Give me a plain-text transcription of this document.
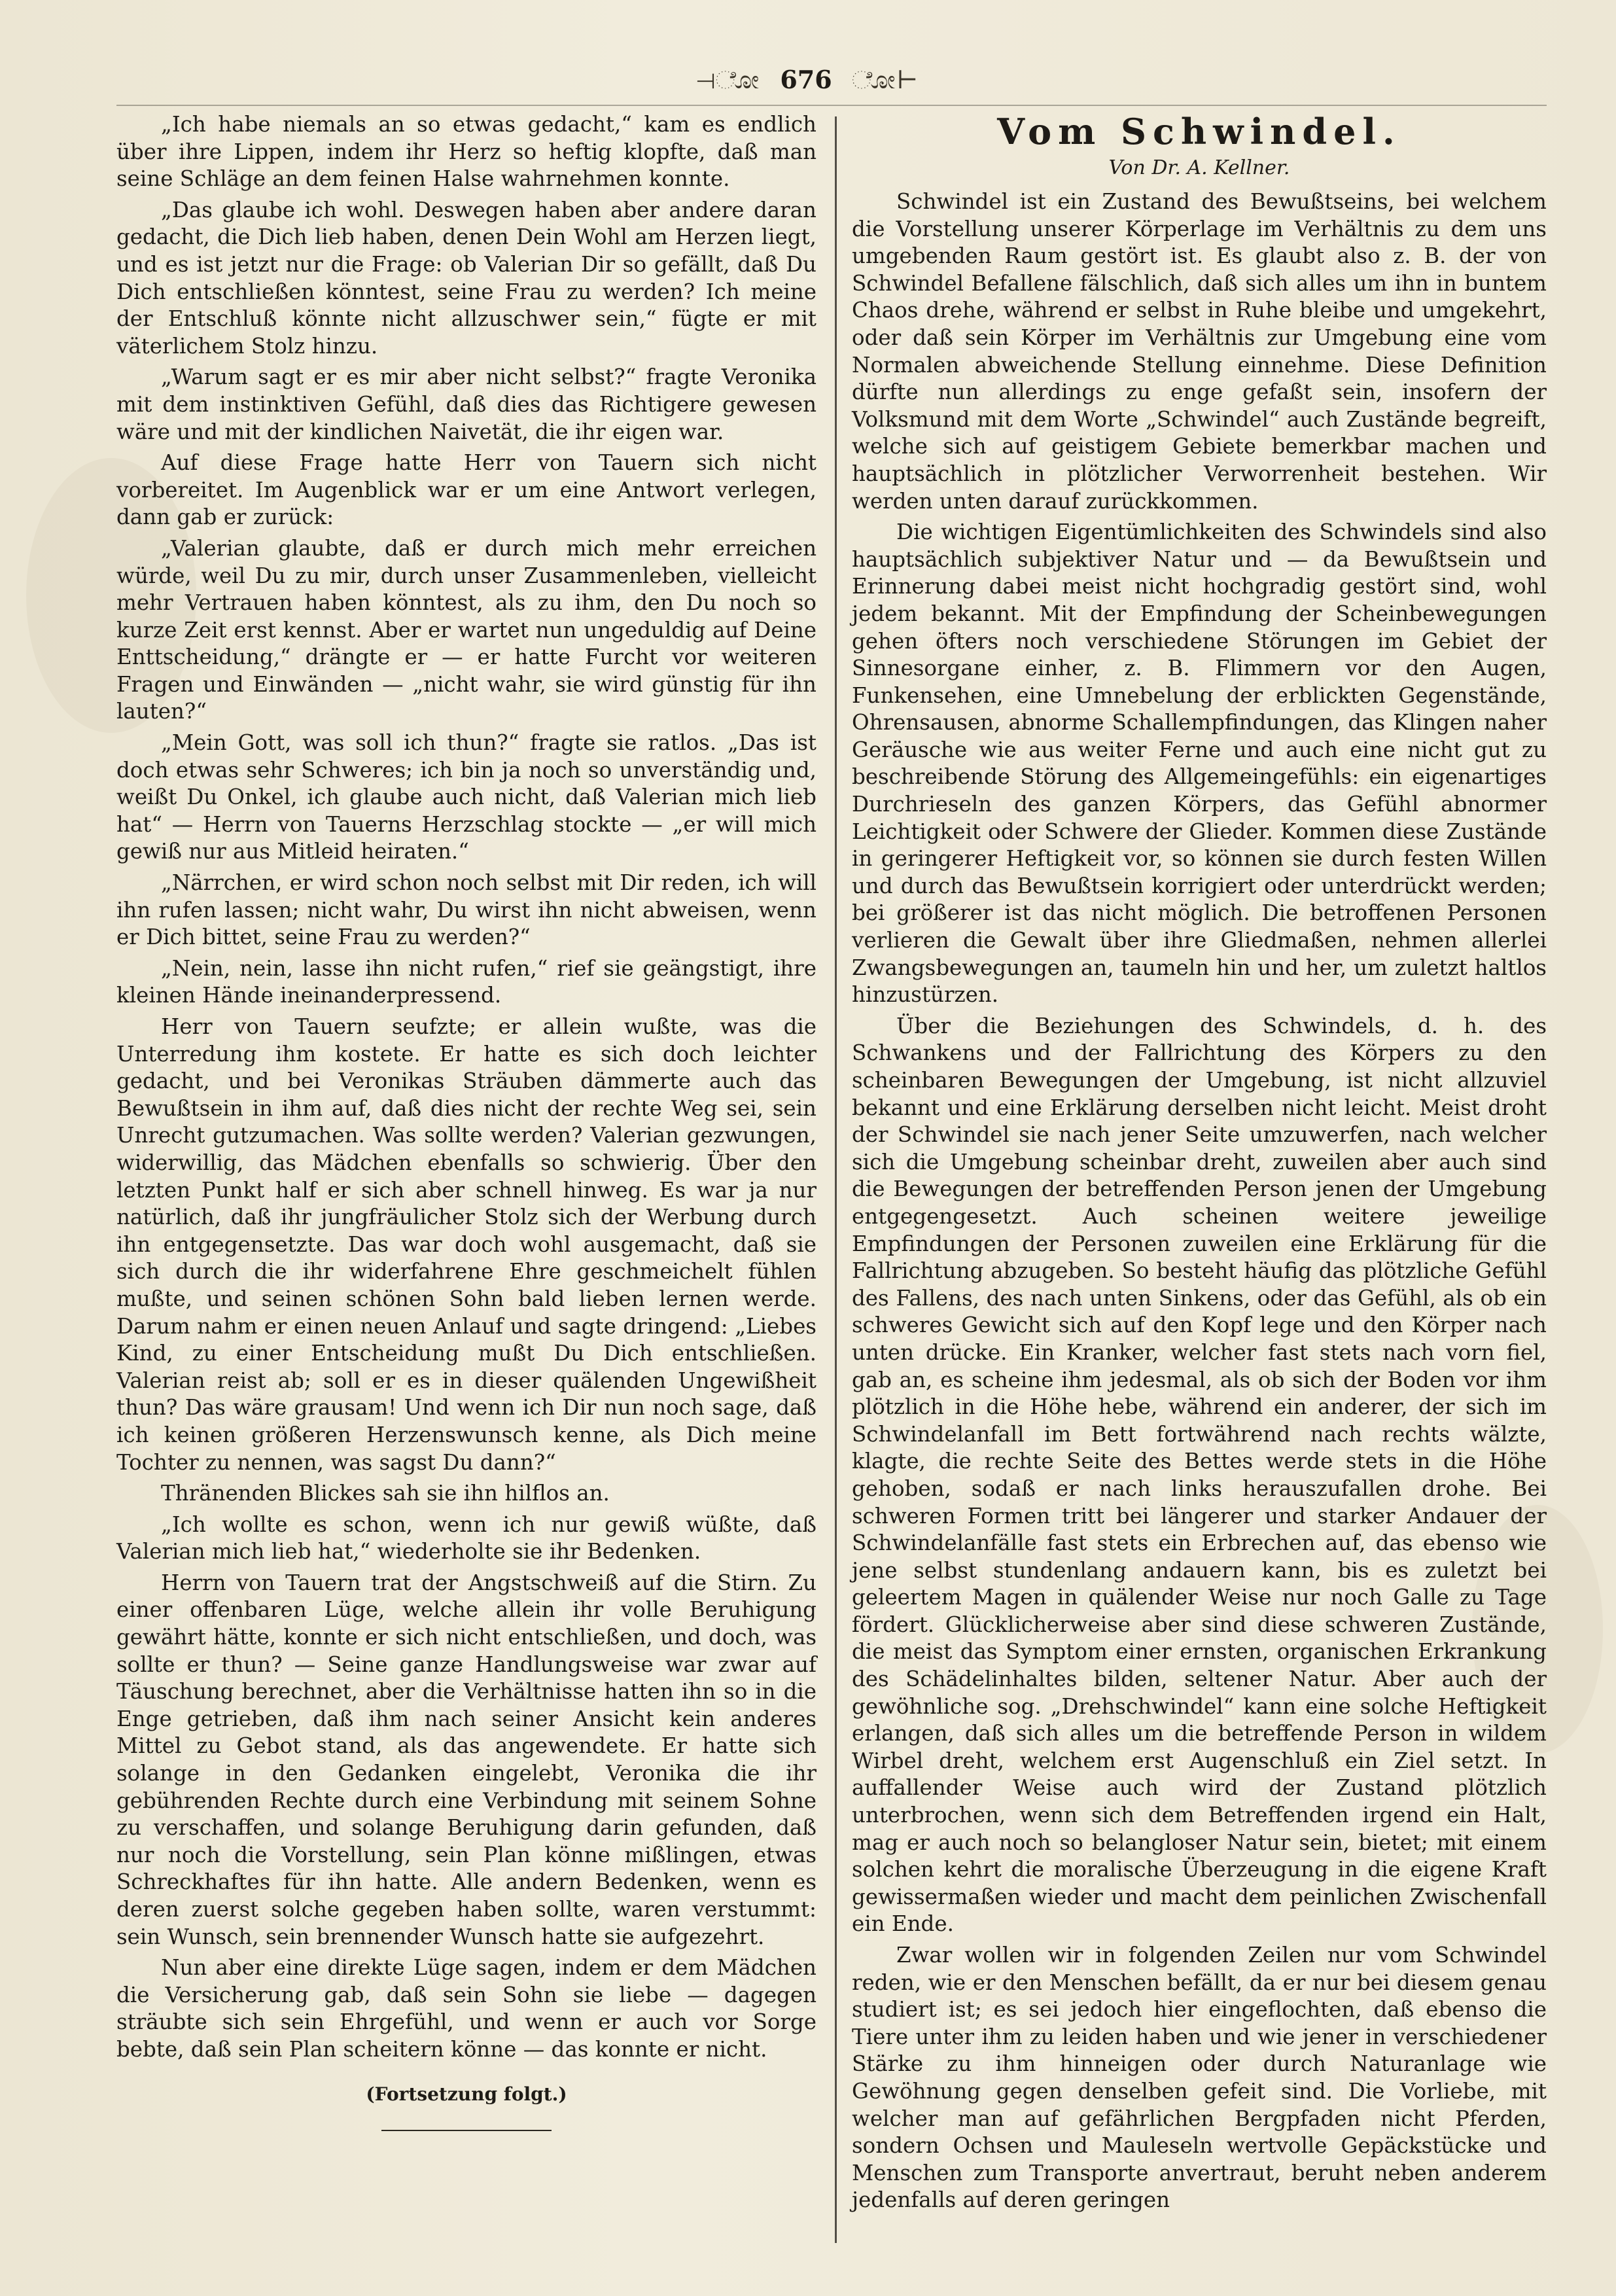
⊣ೋ 676 ೋ⊢

„Ich habe niemals an so etwas gedacht,“ kam es endlich über ihre Lippen, indem ihr Herz so heftig klopfte, daß man seine Schläge an dem feinen Halse wahrnehmen konnte.

„Das glaube ich wohl. Deswegen haben aber andere daran gedacht, die Dich lieb haben, denen Dein Wohl am Herzen liegt, und es ist jetzt nur die Frage: ob Valerian Dir so gefällt, daß Du Dich entschließen könntest, seine Frau zu werden? Ich meine der Entschluß könnte nicht allzuschwer sein,“ fügte er mit väterlichem Stolz hinzu.

„Warum sagt er es mir aber nicht selbst?“ fragte Veronika mit dem instinktiven Gefühl, daß dies das Richtigere gewesen wäre und mit der kindlichen Naivetät, die ihr eigen war.

Auf diese Frage hatte Herr von Tauern sich nicht vorbereitet. Im Augenblick war er um eine Antwort verlegen, dann gab er zurück:

„Valerian glaubte, daß er durch mich mehr erreichen würde, weil Du zu mir, durch unser Zusammenleben, vielleicht mehr Vertrauen haben könntest, als zu ihm, den Du noch so kurze Zeit erst kennst. Aber er wartet nun ungeduldig auf Deine Enttscheidung,“ drängte er — er hatte Furcht vor weiteren Fragen und Einwänden — „nicht wahr, sie wird günstig für ihn lauten?“

„Mein Gott, was soll ich thun?“ fragte sie ratlos. „Das ist doch etwas sehr Schweres; ich bin ja noch so unverständig und, weißt Du Onkel, ich glaube auch nicht, daß Valerian mich lieb hat“ — Herrn von Tauerns Herzschlag stockte — „er will mich gewiß nur aus Mitleid heiraten.“

„Närrchen, er wird schon noch selbst mit Dir reden, ich will ihn rufen lassen; nicht wahr, Du wirst ihn nicht abweisen, wenn er Dich bittet, seine Frau zu werden?“

„Nein, nein, lasse ihn nicht rufen,“ rief sie geängstigt, ihre kleinen Hände ineinanderpressend.

Herr von Tauern seufzte; er allein wußte, was die Unterredung ihm kostete. Er hatte es sich doch leichter gedacht, und bei Veronikas Sträuben dämmerte auch das Bewußtsein in ihm auf, daß dies nicht der rechte Weg sei, sein Unrecht gutzumachen. Was sollte werden? Valerian gezwungen, widerwillig, das Mädchen ebenfalls so schwierig. Über den letzten Punkt half er sich aber schnell hinweg. Es war ja nur natürlich, daß ihr jungfräulicher Stolz sich der Werbung durch ihn entgegensetzte. Das war doch wohl ausgemacht, daß sie sich durch die ihr widerfahrene Ehre geschmeichelt fühlen mußte, und seinen schönen Sohn bald lieben lernen werde. Darum nahm er einen neuen Anlauf und sagte dringend: „Liebes Kind, zu einer Entscheidung mußt Du Dich entschließen. Valerian reist ab; soll er es in dieser quälenden Ungewißheit thun? Das wäre grausam! Und wenn ich Dir nun noch sage, daß ich keinen größeren Herzenswunsch kenne, als Dich meine Tochter zu nennen, was sagst Du dann?“

Thränenden Blickes sah sie ihn hilflos an.

„Ich wollte es schon, wenn ich nur gewiß wüßte, daß Valerian mich lieb hat,“ wiederholte sie ihr Bedenken.

Herrn von Tauern trat der Angstschweiß auf die Stirn. Zu einer offenbaren Lüge, welche allein ihr volle Beruhigung gewährt hätte, konnte er sich nicht entschließen, und doch, was sollte er thun? — Seine ganze Handlungsweise war zwar auf Täuschung berechnet, aber die Verhältnisse hatten ihn so in die Enge getrieben, daß ihm nach seiner Ansicht kein anderes Mittel zu Gebot stand, als das angewendete. Er hatte sich solange in den Gedanken eingelebt, Veronika die ihr gebührenden Rechte durch eine Verbindung mit seinem Sohne zu verschaffen, und solange Beruhigung darin gefunden, daß nur noch die Vorstellung, sein Plan könne mißlingen, etwas Schreckhaftes für ihn hatte. Alle andern Bedenken, wenn es deren zuerst solche gegeben haben sollte, waren verstummt: sein Wunsch, sein brennender Wunsch hatte sie aufgezehrt.

Nun aber eine direkte Lüge sagen, indem er dem Mädchen die Versicherung gab, daß sein Sohn sie liebe — dagegen sträubte sich sein Ehrgefühl, und wenn er auch vor Sorge bebte, daß sein Plan scheitern könne — das konnte er nicht.

(Fortsetzung folgt.)

Vom Schwindel.
Von Dr. A. Kellner.

Schwindel ist ein Zustand des Bewußtseins, bei welchem die Vorstellung unserer Körperlage im Verhältnis zu dem uns umgebenden Raum gestört ist. Es glaubt also z. B. der von Schwindel Befallene fälschlich, daß sich alles um ihn in buntem Chaos drehe, während er selbst in Ruhe bleibe und umgekehrt, oder daß sein Körper im Verhältnis zur Umgebung eine vom Normalen abweichende Stellung einnehme. Diese Definition dürfte nun allerdings zu enge gefaßt sein, insofern der Volksmund mit dem Worte „Schwindel“ auch Zustände begreift, welche sich auf geistigem Gebiete bemerkbar machen und hauptsächlich in plötzlicher Verworrenheit bestehen. Wir werden unten darauf zurückkommen.

Die wichtigen Eigentümlichkeiten des Schwindels sind also hauptsächlich subjektiver Natur und — da Bewußtsein und Erinnerung dabei meist nicht hochgradig gestört sind, wohl jedem bekannt. Mit der Empfindung der Scheinbewegungen gehen öfters noch verschiedene Störungen im Gebiet der Sinnesorgane einher, z. B. Flimmern vor den Augen, Funkensehen, eine Umnebelung der erblickten Gegenstände, Ohrensausen, abnorme Schallempfindungen, das Klingen naher Geräusche wie aus weiter Ferne und auch eine nicht gut zu beschreibende Störung des Allgemeingefühls: ein eigenartiges Durchrieseln des ganzen Körpers, das Gefühl abnormer Leichtigkeit oder Schwere der Glieder. Kommen diese Zustände in geringerer Heftigkeit vor, so können sie durch festen Willen und durch das Bewußtsein korrigiert oder unterdrückt werden; bei größerer ist das nicht möglich. Die betroffenen Personen verlieren die Gewalt über ihre Gliedmaßen, nehmen allerlei Zwangsbewegungen an, taumeln hin und her, um zuletzt haltlos hinzustürzen.

Über die Beziehungen des Schwindels, d. h. des Schwankens und der Fallrichtung des Körpers zu den scheinbaren Bewegungen der Umgebung, ist nicht allzuviel bekannt und eine Erklärung derselben nicht leicht. Meist droht der Schwindel sie nach jener Seite umzuwerfen, nach welcher sich die Umgebung scheinbar dreht, zuweilen aber auch sind die Bewegungen der betreffenden Person jenen der Umgebung entgegengesetzt. Auch scheinen weitere jeweilige Empfindungen der Personen zuweilen eine Erklärung für die Fallrichtung abzugeben. So besteht häufig das plötzliche Gefühl des Fallens, des nach unten Sinkens, oder das Gefühl, als ob ein schweres Gewicht sich auf den Kopf lege und den Körper nach unten drücke. Ein Kranker, welcher fast stets nach vorn fiel, gab an, es scheine ihm jedesmal, als ob sich der Boden vor ihm plötzlich in die Höhe hebe, während ein anderer, der sich im Schwindelanfall im Bett fortwährend nach rechts wälzte, klagte, die rechte Seite des Bettes werde stets in die Höhe gehoben, sodaß er nach links herauszufallen drohe. Bei schweren Formen tritt bei längerer und starker Andauer der Schwindelanfälle fast stets ein Erbrechen auf, das ebenso wie jene selbst stundenlang andauern kann, bis es zuletzt bei geleertem Magen in quälender Weise nur noch Galle zu Tage fördert. Glücklicherweise aber sind diese schweren Zustände, die meist das Symptom einer ernsten, organischen Erkrankung des Schädelinhaltes bilden, seltener Natur. Aber auch der gewöhnliche sog. „Drehschwindel“ kann eine solche Heftigkeit erlangen, daß sich alles um die betreffende Person in wildem Wirbel dreht, welchem erst Augenschluß ein Ziel setzt. In auffallender Weise auch wird der Zustand plötzlich unterbrochen, wenn sich dem Betreffenden irgend ein Halt, mag er auch noch so belangloser Natur sein, bietet; mit einem solchen kehrt die moralische Überzeugung in die eigene Kraft gewissermaßen wieder und macht dem peinlichen Zwischenfall ein Ende.

Zwar wollen wir in folgenden Zeilen nur vom Schwindel reden, wie er den Menschen befällt, da er nur bei diesem genau studiert ist; es sei jedoch hier eingeflochten, daß ebenso die Tiere unter ihm zu leiden haben und wie jener in verschiedener Stärke zu ihm hinneigen oder durch Naturanlage wie Gewöhnung gegen denselben gefeit sind. Die Vorliebe, mit welcher man auf gefährlichen Bergpfaden nicht Pferden, sondern Ochsen und Mauleseln wertvolle Gepäckstücke und Menschen zum Transporte anvertraut, beruht neben anderem jedenfalls auf deren geringen
